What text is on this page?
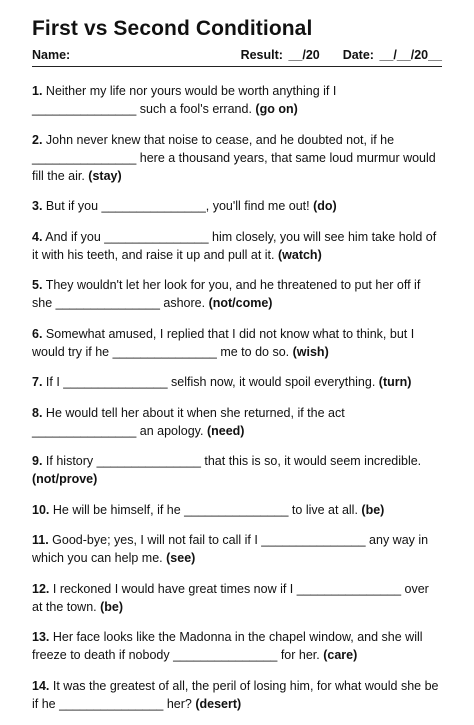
First vs Second Conditional
Name:	Result: __/20 Date: __/__/20__
1. Neither my life nor yours would be worth anything if I _______________ such a fool's errand. (go on)
2. John never knew that noise to cease, and he doubted not, if he _______________ here a thousand years, that same loud murmur would fill the air. (stay)
3. But if you _______________, you'll find me out! (do)
4. And if you _______________ him closely, you will see him take hold of it with his teeth, and raise it up and pull at it. (watch)
5. They wouldn't let her look for you, and he threatened to put her off if she _______________ ashore. (not/come)
6. Somewhat amused, I replied that I did not know what to think, but I would try if he _______________ me to do so. (wish)
7. If I _______________ selfish now, it would spoil everything. (turn)
8. He would tell her about it when she returned, if the act _______________ an apology. (need)
9. If history _______________ that this is so, it would seem incredible. (not/prove)
10. He will be himself, if he _______________ to live at all. (be)
11. Good-bye; yes, I will not fail to call if I _______________ any way in which you can help me. (see)
12. I reckoned I would have great times now if I _______________ over at the town. (be)
13. Her face looks like the Madonna in the chapel window, and she will freeze to death if nobody _______________ for her. (care)
14. It was the greatest of all, the peril of losing him, for what would she be if he _______________ her? (desert)
